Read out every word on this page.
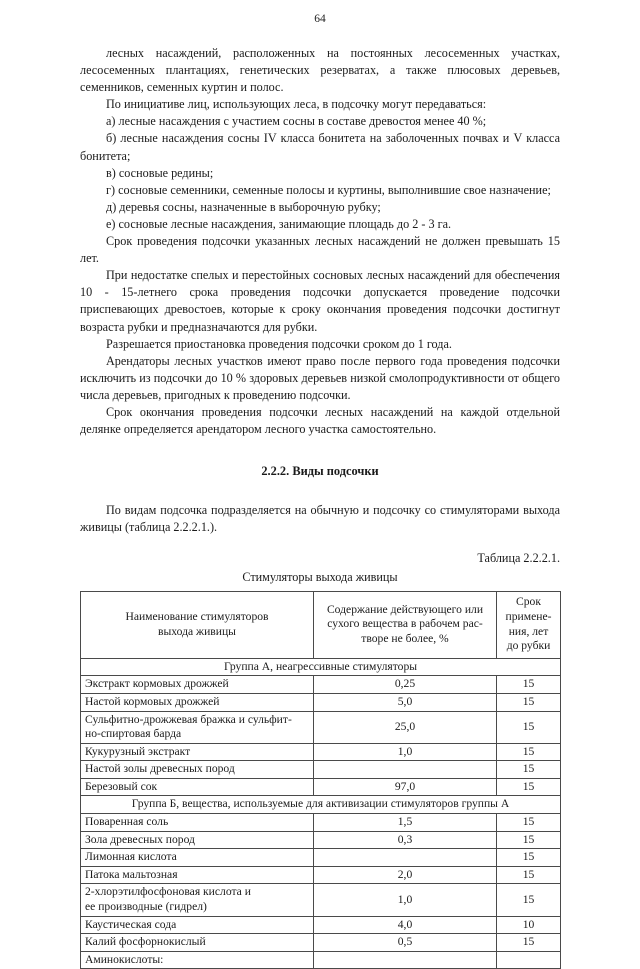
64

лесных насаждений, расположенных на постоянных лесосеменных участках, лесосеменных плантациях, генетических резерватах, а также плюсовых деревьев, семенников, семенных куртин и полос.

По инициативе лиц, использующих леса, в подсочку могут передаваться:

а) лесные насаждения с участием сосны в составе древостоя менее 40 %;

б) лесные насаждения сосны IV класса бонитета на заболоченных почвах и V класса бонитета;

в) сосновые редины;

г) сосновые семенники, семенные полосы и куртины, выполнившие свое назначение;

д) деревья сосны, назначенные в выборочную рубку;

е) сосновые лесные насаждения, занимающие площадь до 2 - 3 га.

Срок проведения подсочки указанных лесных насаждений не должен превышать 15 лет.

При недостатке спелых и перестойных сосновых лесных насаждений для обеспечения 10 - 15-летнего срока проведения подсочки допускается проведение подсочки приспевающих древостоев, которые к сроку окончания проведения подсочки достигнут возраста рубки и предназначаются для рубки.

Разрешается приостановка проведения подсочки сроком до 1 года.

Арендаторы лесных участков имеют право после первого года проведения подсочки исключить из подсочки до 10 % здоровых деревьев низкой смолопродуктивности от общего числа деревьев, пригодных к проведению подсочки.

Срок окончания проведения подсочки лесных насаждений на каждой отдельной делянке определяется арендатором лесного участка самостоятельно.

2.2.2. Виды подсочки

По видам подсочка подразделяется на обычную и подсочку со стимуляторами выхода живицы (таблица 2.2.2.1.).

Таблица 2.2.2.1.

Стимуляторы выхода живицы

Наименование стимуляторов
выхода живицы	Содержание действующего или
сухого вещества в рабочем рас-
творе не более, %	Срок примене-
ния, лет до рубки
Группа А, неагрессивные стимуляторы		
Экстракт кормовых дрожжей	0,25	15
Настой кормовых дрожжей	5,0	15
Сульфитно-дрожжевая бражка и сульфит-
но-спиртовая барда	25,0	15
Кукурузный экстракт	1,0	15
Настой золы древесных пород		15
Березовый сок	97,0	15
Группа Б, вещества, используемые для активизации стимуляторов группы А		
Поваренная соль	1,5	15
Зола древесных пород	0,3	15
Лимонная кислота		15
Патока мальтозная	2,0	15
2-хлорэтилфосфоновая кислота и
ее производные (гидрел)	1,0	15
Каустическая сода	4,0	10
Калий фосфорнокислый	0,5	15
Аминокислоты:		
